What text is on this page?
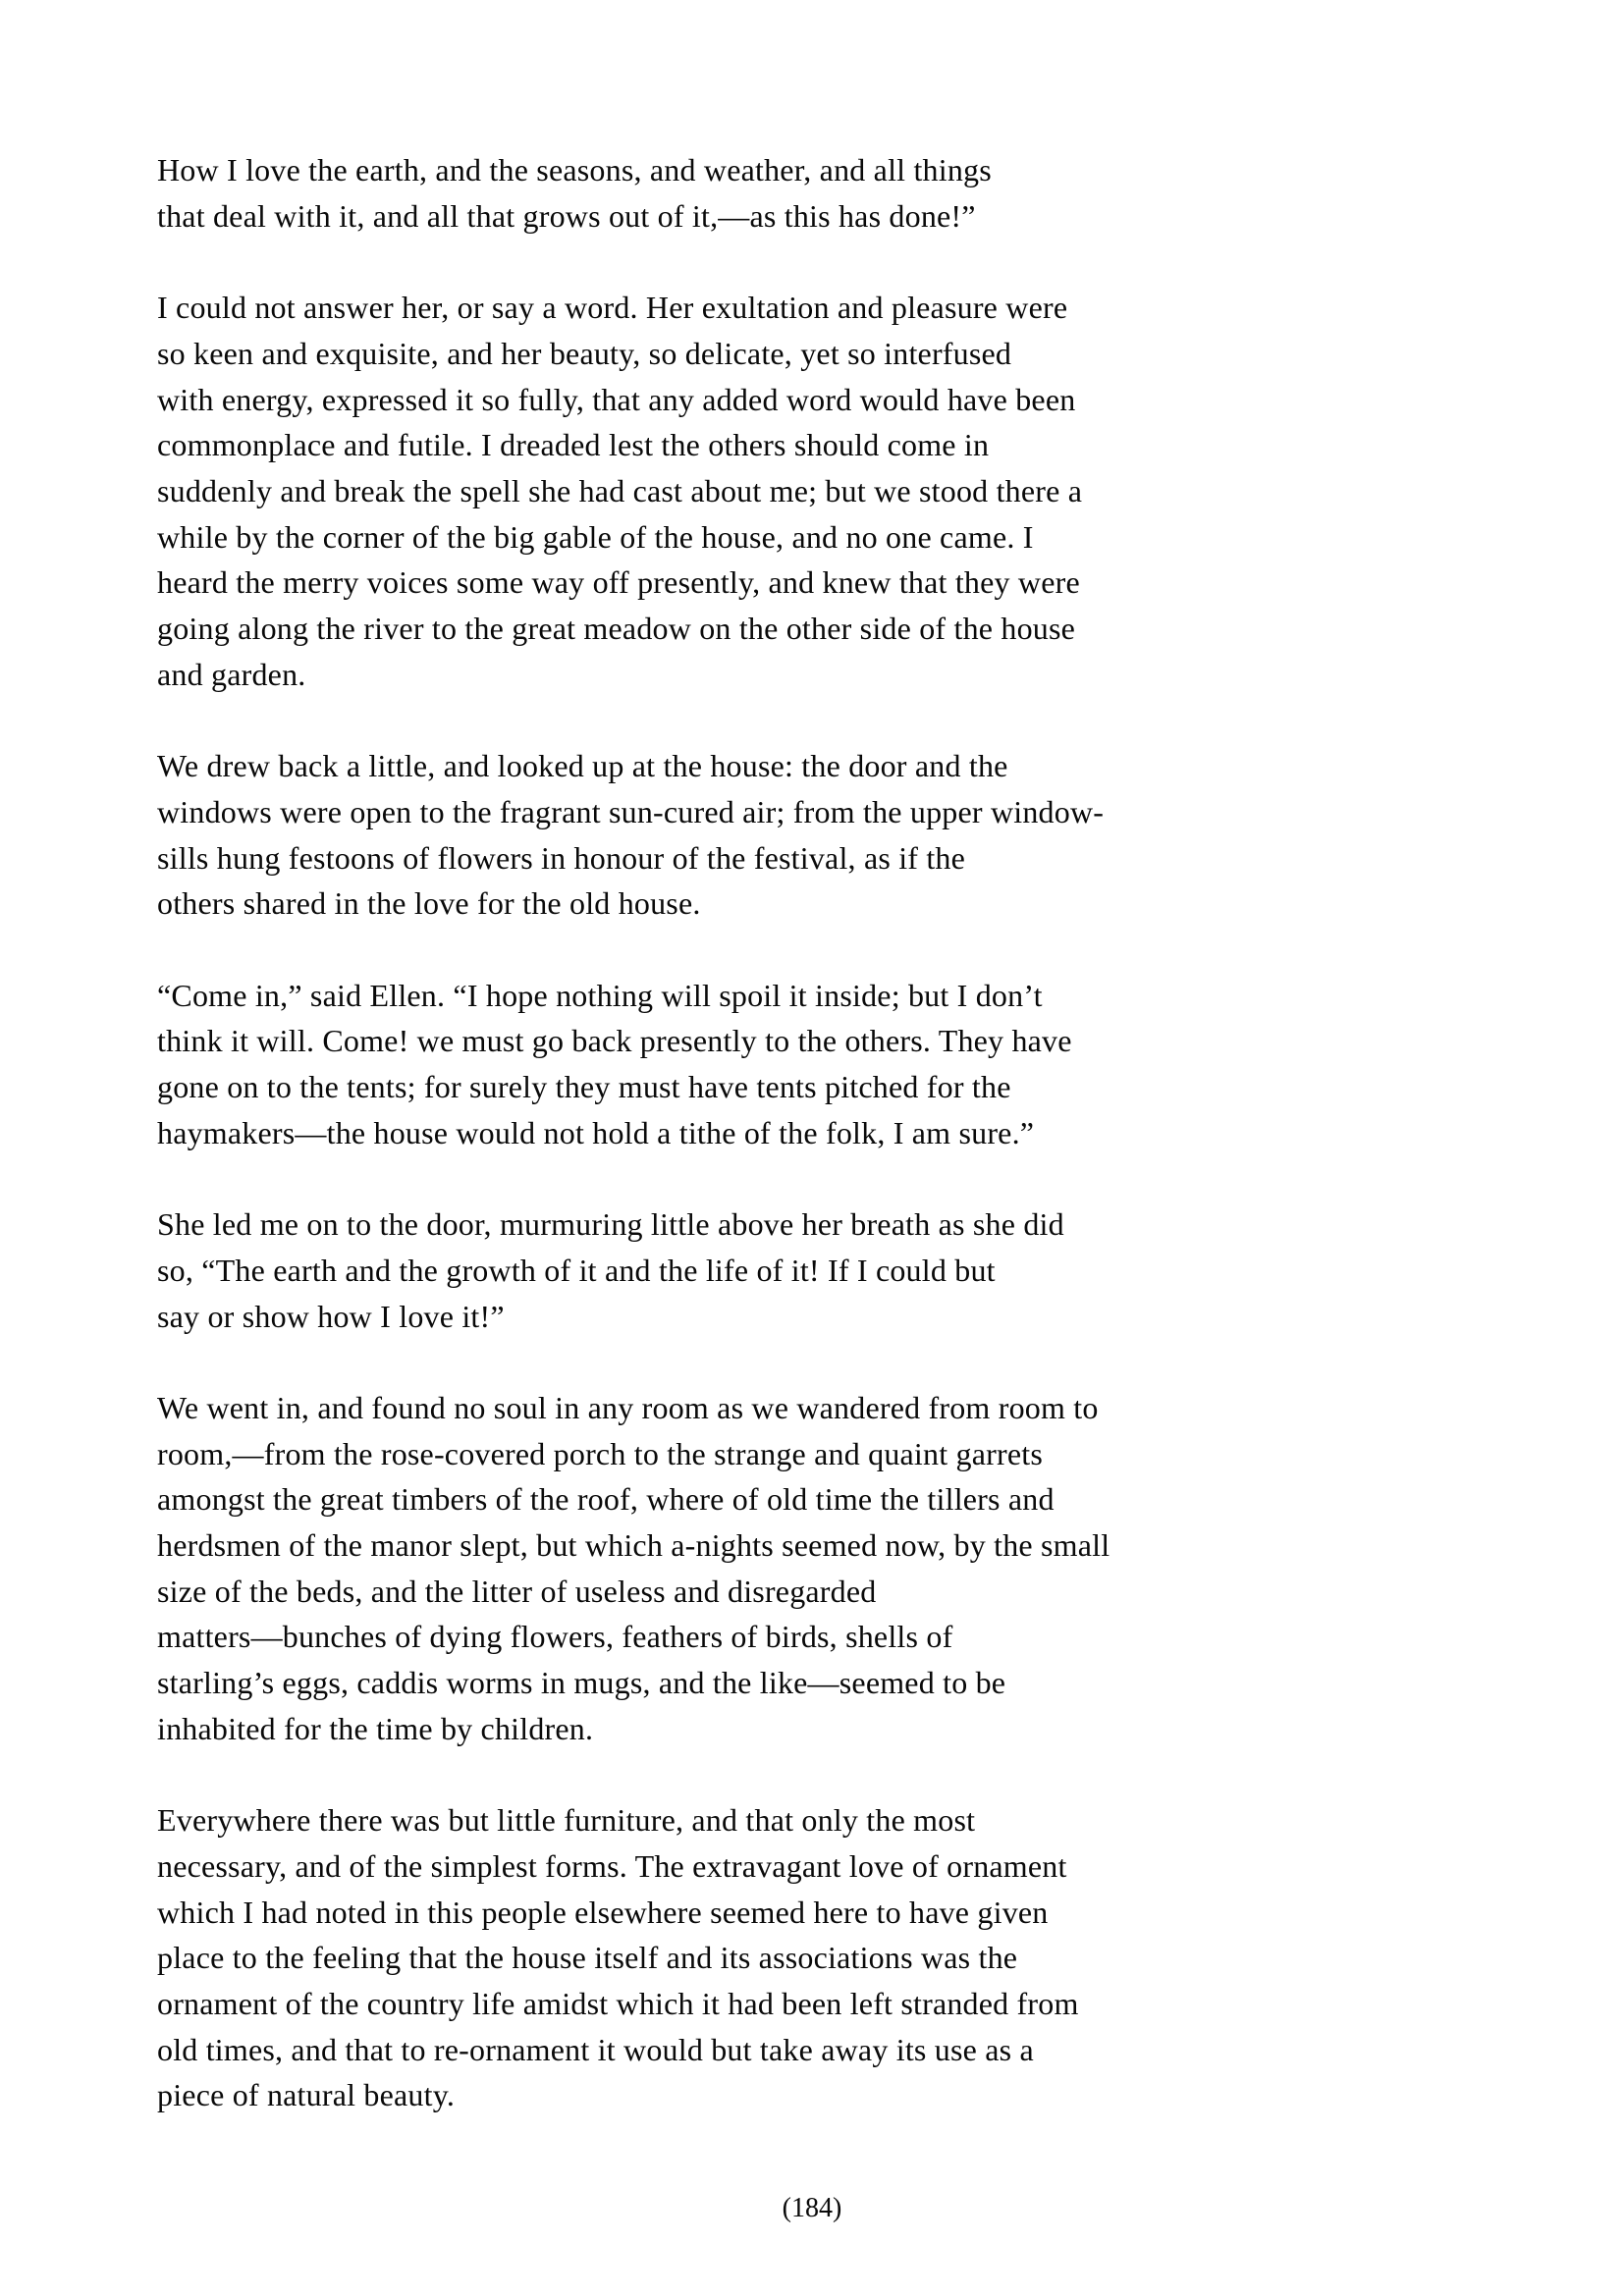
How I love the earth, and the seasons, and weather, and all things
that deal with it, and all that grows out of it,—as this has done!”
I could not answer her, or say a word. Her exultation and pleasure were
so keen and exquisite, and her beauty, so delicate, yet so interfused
with energy, expressed it so fully, that any added word would have been
commonplace and futile. I dreaded lest the others should come in
suddenly and break the spell she had cast about me; but we stood there a
while by the corner of the big gable of the house, and no one came. I
heard the merry voices some way off presently, and knew that they were
going along the river to the great meadow on the other side of the house
and garden.
We drew back a little, and looked up at the house: the door and the
windows were open to the fragrant sun-cured air; from the upper window-
sills hung festoons of flowers in honour of the festival, as if the
others shared in the love for the old house.
“Come in,” said Ellen. “I hope nothing will spoil it inside; but I don’t
think it will. Come! we must go back presently to the others. They have
gone on to the tents; for surely they must have tents pitched for the
haymakers—the house would not hold a tithe of the folk, I am sure.”
She led me on to the door, murmuring little above her breath as she did
so, “The earth and the growth of it and the life of it! If I could but
say or show how I love it!”
We went in, and found no soul in any room as we wandered from room to
room,—from the rose-covered porch to the strange and quaint garrets
amongst the great timbers of the roof, where of old time the tillers and
herdsmen of the manor slept, but which a-nights seemed now, by the small
size of the beds, and the litter of useless and disregarded
matters—bunches of dying flowers, feathers of birds, shells of
starling’s eggs, caddis worms in mugs, and the like—seemed to be
inhabited for the time by children.
Everywhere there was but little furniture, and that only the most
necessary, and of the simplest forms. The extravagant love of ornament
which I had noted in this people elsewhere seemed here to have given
place to the feeling that the house itself and its associations was the
ornament of the country life amidst which it had been left stranded from
old times, and that to re-ornament it would but take away its use as a
piece of natural beauty.
(184)
